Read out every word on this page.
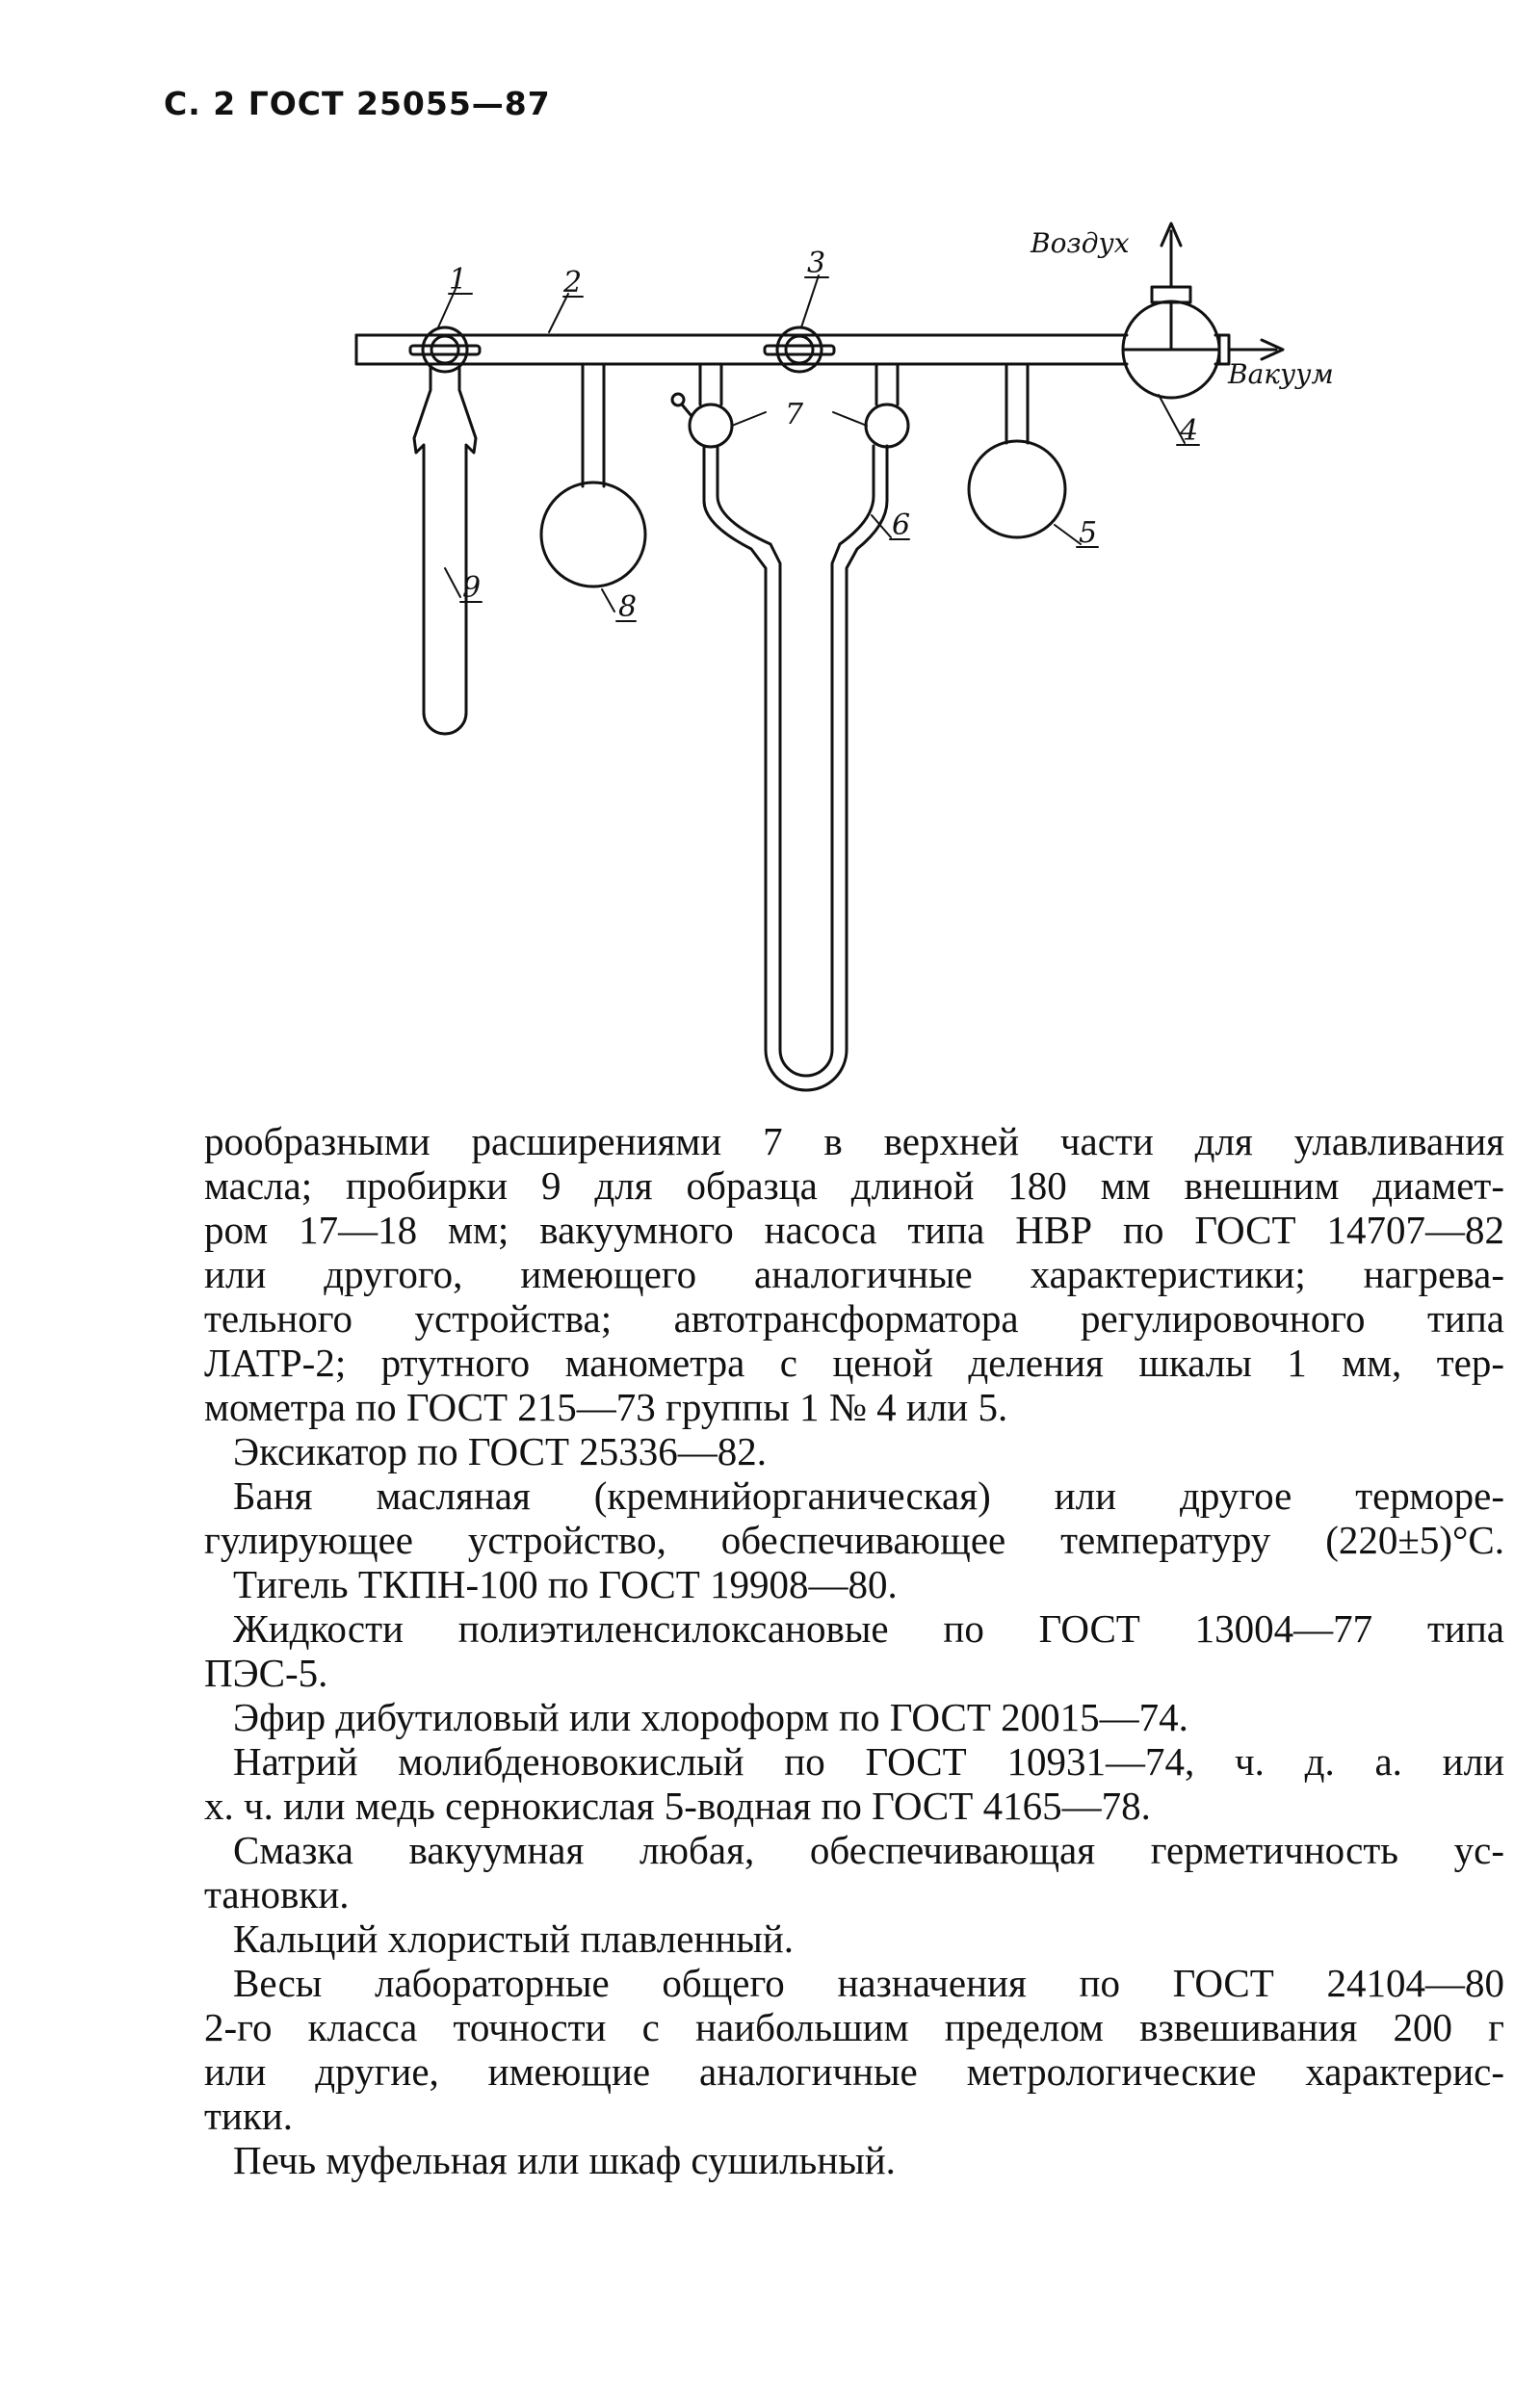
С. 2 ГОСТ 25055—87
Воздух
Вакуум
1	2
3
4
5
6
7
8
9
рообразными расширениями 7 в верхней части для улавливания
масла; пробирки 9 для образца длиной 180 мм внешним диамет-
ром 17—18 мм; вакуумного насоса типа НВР по ГОСТ 14707—82
или другого, имеющего аналогичные характеристики; нагрева-
тельного устройства; автотрансформатора регулировочного типа
ЛАТР-2; ртутного манометра с ценой деления шкалы 1 мм, тер-
мометра по ГОСТ 215—73 группы 1 № 4 или 5.
Эксикатор по ГОСТ 25336—82.
Баня масляная (кремнийорганическая) или другое термоpe-
гулирующее устройство, обеспечивающее температуру (220±5)°С.
Тигель ТКПН-100 по ГОСТ 19908—80.
Жидкости полиэтиленсилоксановые по ГОСТ 13004—77 типа
ПЭС-5.
Эфир дибутиловый или хлороформ по ГОСТ 20015—74.
Натрий молибденовокислый по ГОСТ 10931—74, ч. д. а. или
х. ч. или медь сернокислая 5-водная по ГОСТ 4165—78.
Смазка вакуумная любая, обеспечивающая герметичность ус-
тановки.
Кальций хлористый плавленный.
Весы лабораторные общего назначения по ГОСТ 24104—80
2-го класса точности с наибольшим пределом взвешивания 200 г
или другие, имеющие аналогичные метрологические характерис-
тики.
Печь муфельная или шкаф сушильный.
